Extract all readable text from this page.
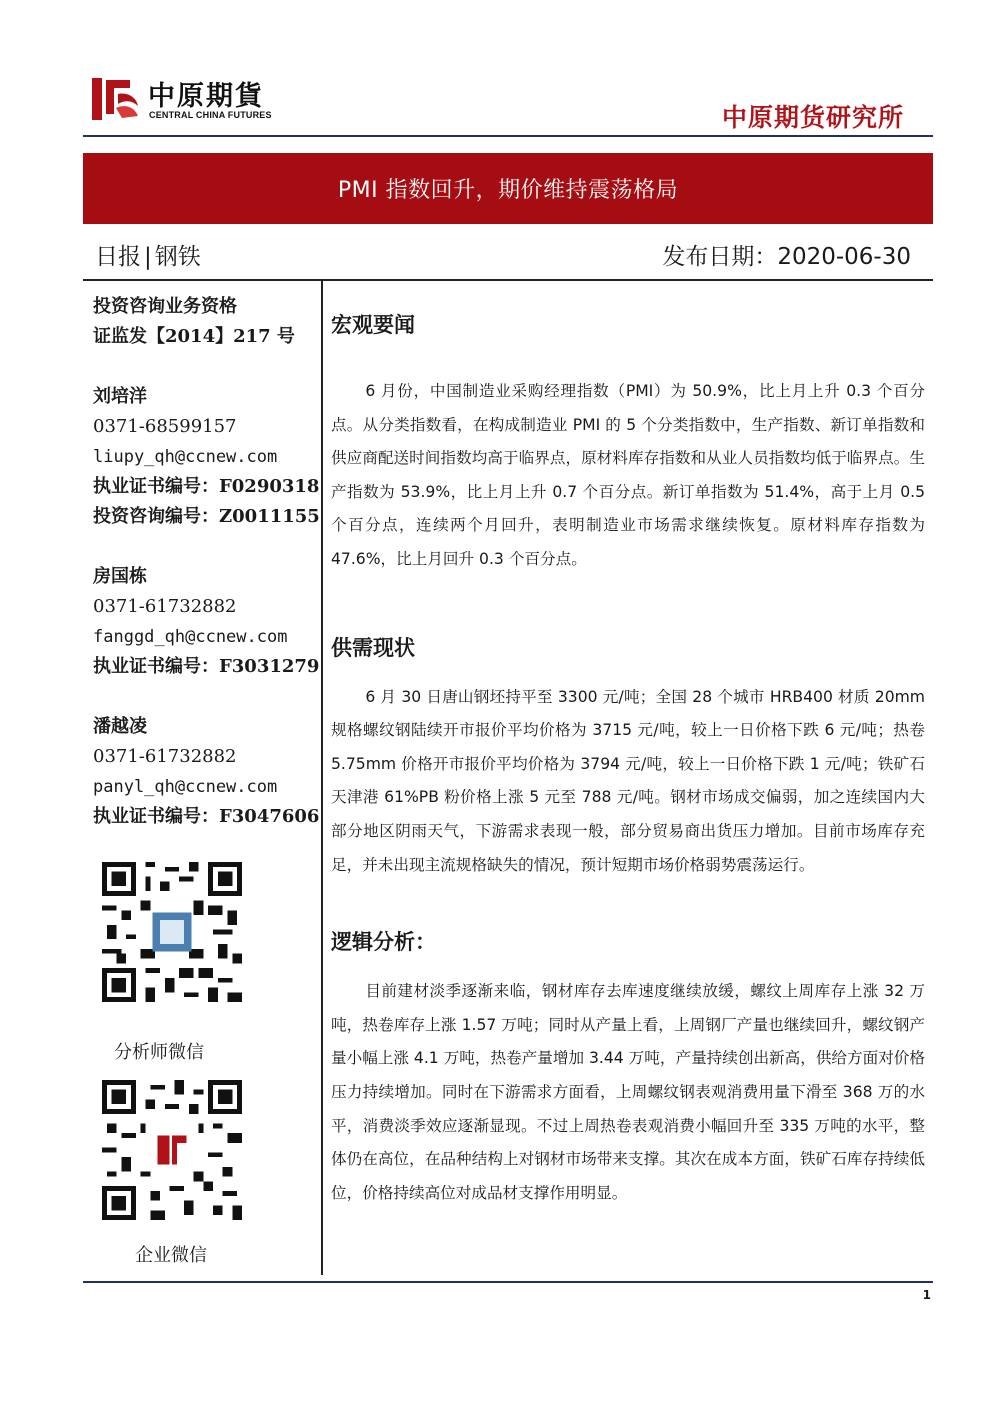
中原期貨
CENTRAL CHINA FUTURES	中原期货研究所
PMI 指数回升，期价维持震荡格局
日报 | 钢铁	发布日期：2020-06-30
投资咨询业务资格
证监发【2014】217 号
刘培洋
0371-68599157
liupy_qh@ccnew.com
执业证书编号：F0290318
投资咨询编号：Z0011155
房国栋
0371-61732882
fanggd_qh@ccnew.com
执业证书编号：F3031279
潘越凌
0371-61732882
panyl_qh@ccnew.com
执业证书编号：F3047606
分析师微信
企业微信
宏观要闻

6 月份，中国制造业采购经理指数（PMI）为 50.9%，比上月上升 0.3 个百分点。从分类指数看，在构成制造业 PMI 的 5 个分类指数中，生产指数、新订单指数和供应商配送时间指数均高于临界点，原材料库存指数和从业人员指数均低于临界点。生产指数为 53.9%，比上月上升 0.7 个百分点。新订单指数为 51.4%，高于上月 0.5 个百分点，连续两个月回升，表明制造业市场需求继续恢复。原材料库存指数为 47.6%，比上月回升 0.3 个百分点。

供需现状

6 月 30 日唐山钢坯持平至 3300 元/吨；全国 28 个城市 HRB400 材质 20mm 规格螺纹钢陆续开市报价平均价格为 3715 元/吨，较上一日价格下跌 6 元/吨；热卷 5.75mm 价格开市报价平均价格为 3794 元/吨，较上一日价格下跌 1 元/吨；铁矿石天津港 61%PB 粉价格上涨 5 元至 788 元/吨。钢材市场成交偏弱，加之连续国内大部分地区阴雨天气，下游需求表现一般，部分贸易商出货压力增加。目前市场库存充足，并未出现主流规格缺失的情况，预计短期市场价格弱势震荡运行。

逻辑分析：

目前建材淡季逐渐来临，钢材库存去库速度继续放缓，螺纹上周库存上涨 32 万吨，热卷库存上涨 1.57 万吨；同时从产量上看，上周钢厂产量也继续回升，螺纹钢产量小幅上涨 4.1 万吨，热卷产量增加 3.44 万吨，产量持续创出新高，供给方面对价格压力持续增加。同时在下游需求方面看，上周螺纹钢表观消费用量下滑至 368 万的水平，消费淡季效应逐渐显现。不过上周热卷表观消费小幅回升至 335 万吨的水平，整体仍在高位，在品种结构上对钢材市场带来支撑。其次在成本方面，铁矿石库存持续低位，价格持续高位对成品材支撑作用明显。

1
